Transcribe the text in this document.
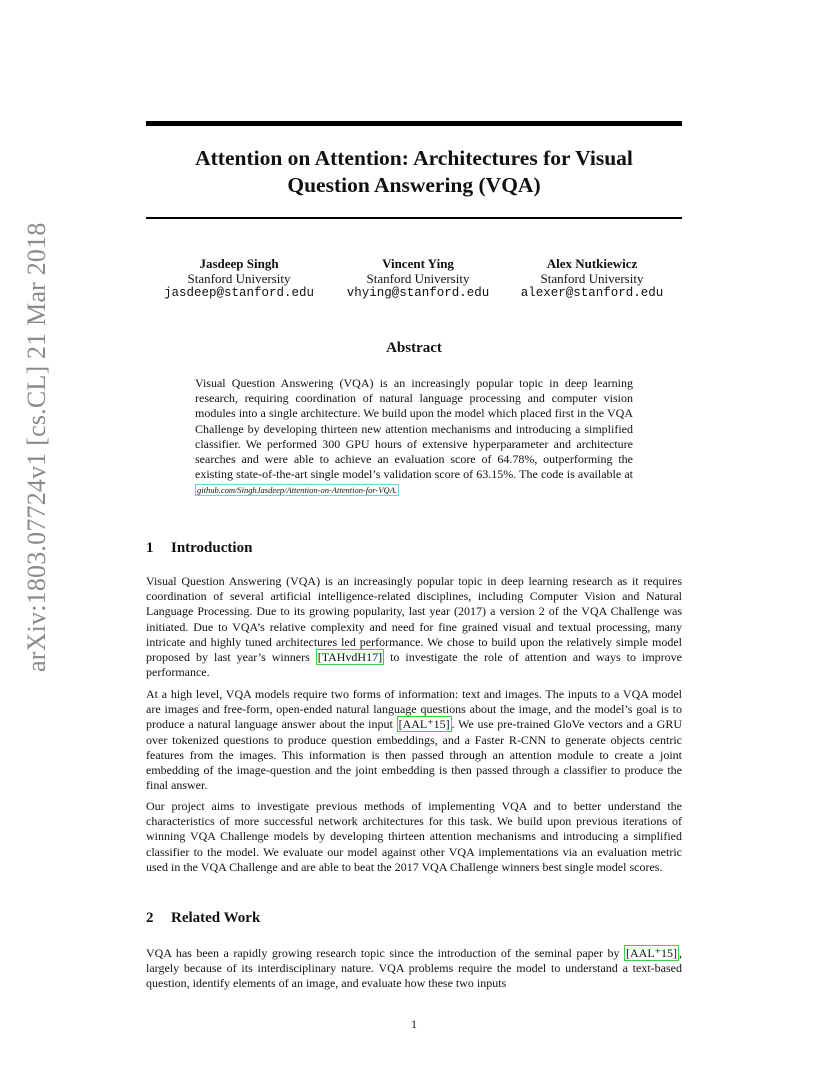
arXiv:1803.07724v1 [cs.CL] 21 Mar 2018
Attention on Attention: Architectures for Visual
Question Answering (VQA)
Jasdeep Singh
Stanford University
jasdeep@stanford.edu
Vincent Ying
Stanford University
vhying@stanford.edu
Alex Nutkiewicz
Stanford University
alexer@stanford.edu
Abstract
Visual Question Answering (VQA) is an increasingly popular topic in deep learning research, requiring coordination of natural language processing and computer vision modules into a single architecture. We build upon the model which placed first in the VQA Challenge by developing thirteen new attention mechanisms and introducing a simplified classifier. We performed 300 GPU hours of extensive hyperparameter and architecture searches and were able to achieve an evaluation score of 64.78%, outperforming the existing state-of-the-art single model’s validation score of 63.15%. The code is available at github.com/SinghJasdeep/Attention-on-Attention-for-VQA.
1 Introduction
Visual Question Answering (VQA) is an increasingly popular topic in deep learning research as it requires coordination of several artificial intelligence-related disciplines, including Computer Vision and Natural Language Processing. Due to its growing popularity, last year (2017) a version 2 of the VQA Challenge was initiated. Due to VQA’s relative complexity and need for fine grained visual and textual processing, many intricate and highly tuned architectures led performance. We chose to build upon the relatively simple model proposed by last year’s winners [TAHvdH17] to investigate the role of attention and ways to improve performance.
At a high level, VQA models require two forms of information: text and images. The inputs to a VQA model are images and free-form, open-ended natural language questions about the image, and the model’s goal is to produce a natural language answer about the input [AAL⁺15] . We use pre-trained GloVe vectors and a GRU over tokenized questions to produce question embeddings, and a Faster R-CNN to generate objects centric features from the images. This information is then passed through an attention module to create a joint embedding of the image-question and the joint embedding is then passed through a classifier to produce the final answer.
Our project aims to investigate previous methods of implementing VQA and to better understand the characteristics of more successful network architectures for this task. We build upon previous iterations of winning VQA Challenge models by developing thirteen attention mechanisms and introducing a simplified classifier to the model. We evaluate our model against other VQA implementations via an evaluation metric used in the VQA Challenge and are able to beat the 2017 VQA Challenge winners best single model scores.
2 Related Work
VQA has been a rapidly growing research topic since the introduction of the seminal paper by [AAL⁺15] , largely because of its interdisciplinary nature. VQA problems require the model to understand a text-based question, identify elements of an image, and evaluate how these two inputs
1
